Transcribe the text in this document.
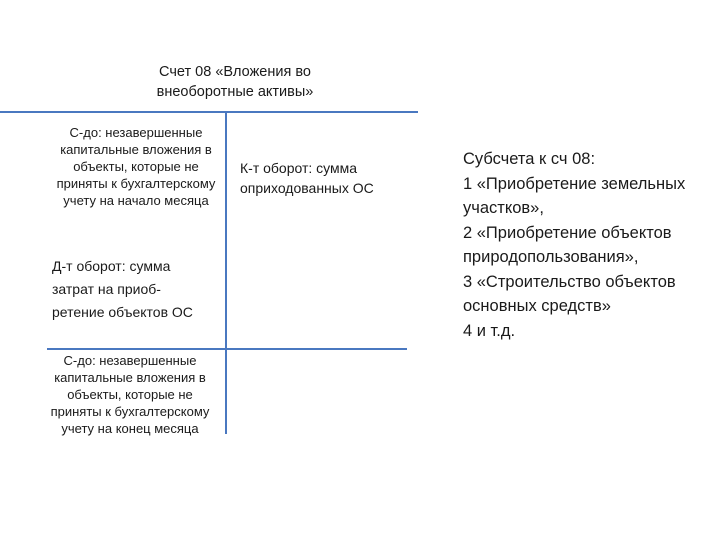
Счет 08 «Вложения во внеоборотные активы»
С-до: незавершенные капитальные вложения в объекты, которые не приняты к бухгалтерскому учету на начало месяца
Д-т оборот: сумма затрат на приоб-ретение объектов ОС
К-т оборот: сумма оприходованных ОС
С-до: незавершенные капитальные вложения в объекты, которые не приняты к бухгалтерскому учету на конец месяца
Субсчета к сч 08:
1 «Приобретение земельных участков»,
2 «Приобретение объектов природопользования»,
3 «Строительство объектов основных средств»
4 и т.д.
